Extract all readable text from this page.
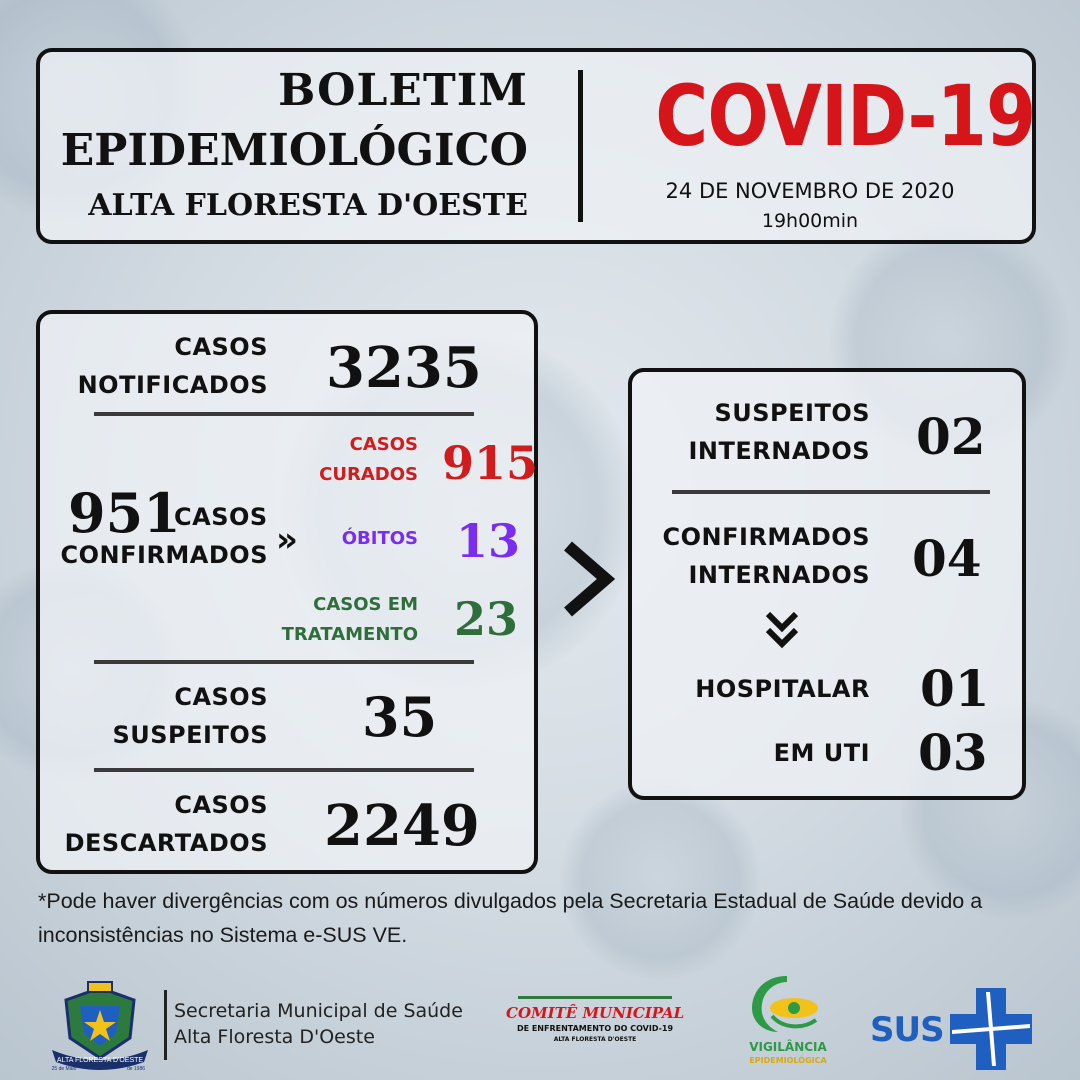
BOLETIM
EPIDEMIOLÓGICO
ALTA FLORESTA D'OESTE
COVID-19
24 DE NOVEMBRO DE 2020
19h00min
CASOS
NOTIFICADOS 3235
951
CASOS
CONFIRMADOS »
CASOS
CURADOS 915
ÓBITOS 13
CASOS EM
TRATAMENTO 23
CASOS
SUSPEITOS 35
CASOS
DESCARTADOS 2249
SUSPEITOS
INTERNADOS 02
CONFIRMADOS
INTERNADOS 04
HOSPITALAR 01
EM UTI 03
*Pode haver divergências com os números divulgados pela Secretaria Estadual de Saúde devido a
inconsistências no Sistema e-SUS VE.
ALTA FLORESTA D'OESTE
25 de Maio	de 1986
Secretaria Municipal de Saúde
Alta Floresta D'Oeste
COMITÊ MUNICIPAL
DE ENFRENTAMENTO DO COVID-19
ALTA FLORESTA D'OESTE
VIGILÂNCIA
EPIDEMIOLÓGICA
SUS
